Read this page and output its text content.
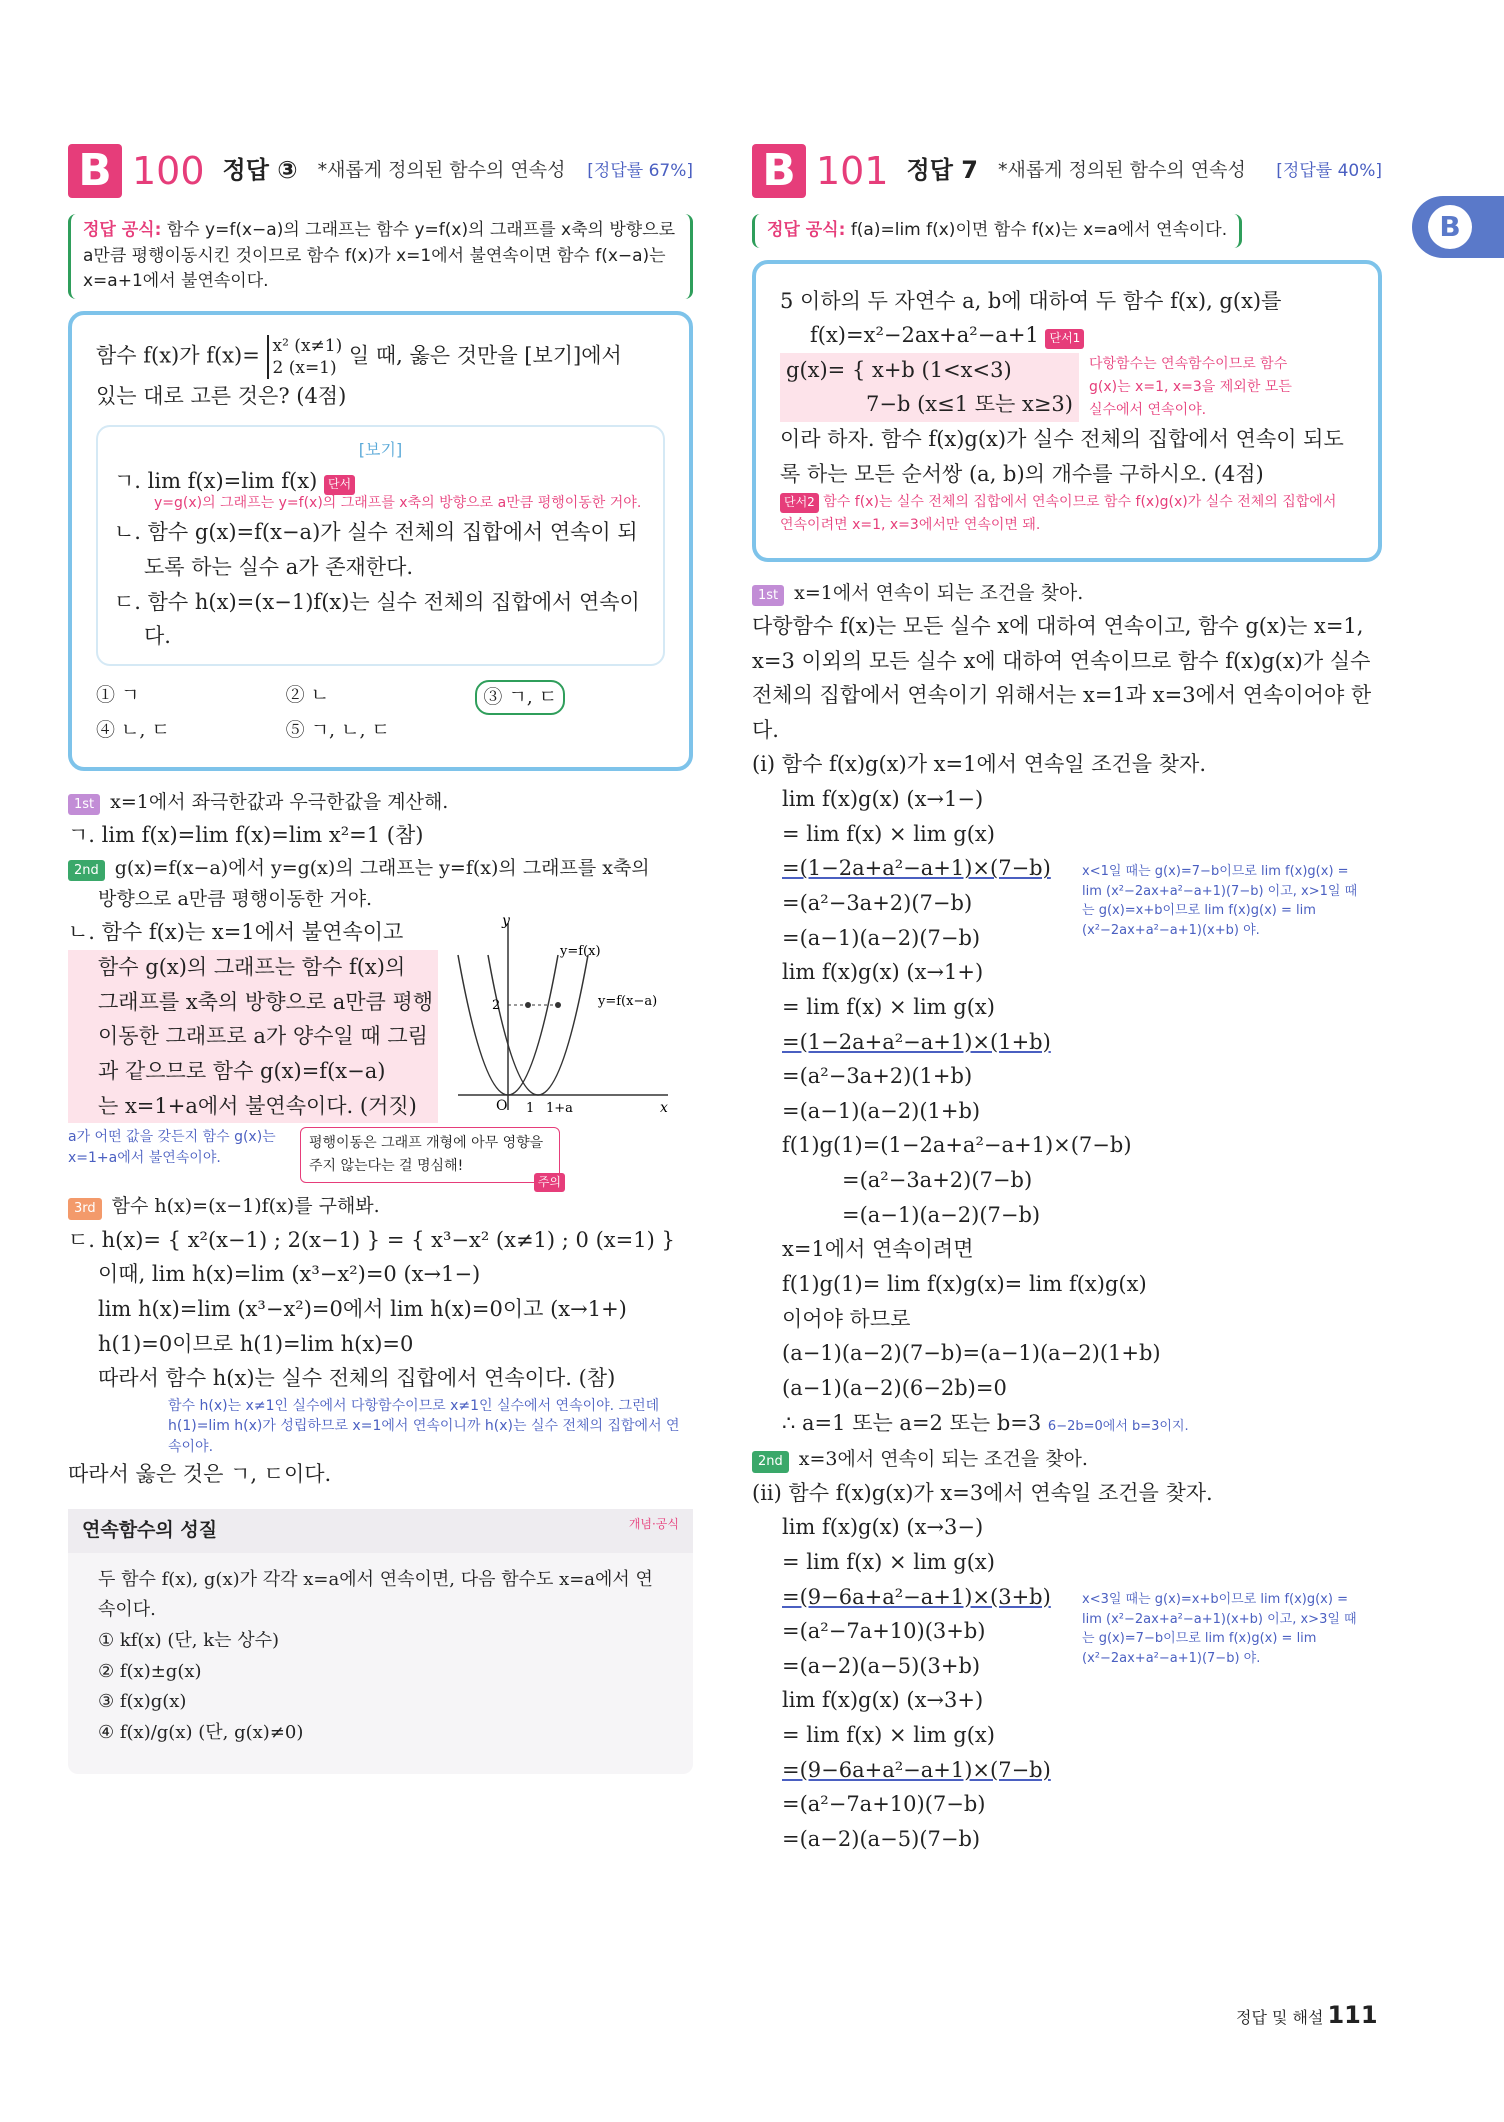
B
B 100 정답 ③ *새롭게 정의된 함수의 연속성 [정답률 67%]
정답 공식: 함수 y=f(x−a)의 그래프는 함수 y=f(x)의 그래프를 x축의 방향으로 a만큼 평행이동시킨 것이므로 함수 f(x)가 x=1에서 불연속이면 함수 f(x−a)는 x=a+1에서 불연속이다.
함수 f(x)가 f(x)= x² (x≠1)
2 (x=1) 일 때, 옳은 것만을 [보기]에서
있는 대로 고른 것은? (4점)
[보기]
ㄱ. lim f(x)=lim f(x) 단서
y=g(x)의 그래프는 y=f(x)의 그래프를 x축의 방향으로 a만큼 평행이동한 거야.
ㄴ. 함수 g(x)=f(x−a)가 실수 전체의 집합에서 연속이 되
도록 하는 실수 a가 존재한다.
ㄷ. 함수 h(x)=(x−1)f(x)는 실수 전체의 집합에서 연속이
다.
① ㄱ	② ㄴ	③ ㄱ, ㄷ
④ ㄴ, ㄷ	⑤ ㄱ, ㄴ, ㄷ
1st x=1에서 좌극한값과 우극한값을 계산해.
ㄱ. lim f(x)=lim f(x)=lim x²=1 (참)
2nd g(x)=f(x−a)에서 y=g(x)의 그래프는 y=f(x)의 그래프를 x축의
방향으로 a만큼 평행이동한 거야.
ㄴ. 함수 f(x)는 x=1에서 불연속이고
함수 g(x)의 그래프는 함수 f(x)의
그래프를 x축의 방향으로 a만큼 평행
이동한 그래프로 a가 양수일 때 그림
과 같으므로 함수 g(x)=f(x−a)
는 x=1+a에서 불연속이다. (거짓)	O 1 1+a
2
x
y
y=f(x)
y=f(x−a)
a가 어떤 값을 갖든지 함수 g(x)는 x=1+a에서 불연속이야.
평행이동은 그래프 개형에 아무 영향을 주지 않는다는 걸 명심해!
주의
3rd 함수 h(x)=(x−1)f(x)를 구해봐.
ㄷ. h(x)= { x²(x−1) ; 2(x−1) } = { x³−x² (x≠1) ; 0 (x=1) }
이때, lim h(x)=lim (x³−x²)=0 (x→1−)
lim h(x)=lim (x³−x²)=0에서 lim h(x)=0이고 (x→1+)
h(1)=0이므로 h(1)=lim h(x)=0
따라서 함수 h(x)는 실수 전체의 집합에서 연속이다. (참)
함수 h(x)는 x≠1인 실수에서 다항함수이므로 x≠1인 실수에서 연속이야. 그런데 h(1)=lim h(x)가 성립하므로 x=1에서 연속이니까 h(x)는 실수 전체의 집합에서 연속이야.
따라서 옳은 것은 ㄱ, ㄷ이다.
연속함수의 성질	개념·공식
두 함수 f(x), g(x)가 각각 x=a에서 연속이면, 다음 함수도 x=a에서 연속이다.
① kf(x) (단, k는 상수)
② f(x)±g(x)
③ f(x)g(x)
④ f(x)/g(x) (단, g(x)≠0)
B 101 정답 7 *새롭게 정의된 함수의 연속성 [정답률 40%]
정답 공식: f(a)=lim f(x)이면 함수 f(x)는 x=a에서 연속이다.
5 이하의 두 자연수 a, b에 대하여 두 함수 f(x), g(x)를
f(x)=x²−2ax+a²−a+1 단서1
g(x)= { x+b (1<x<3)
7−b (x≤1 또는 x≥3)
다항함수는 연속함수이므로 함수 g(x)는 x=1, x=3을 제외한 모든 실수에서 연속이야.
이라 하자. 함수 f(x)g(x)가 실수 전체의 집합에서 연속이 되도
록 하는 모든 순서쌍 (a, b)의 개수를 구하시오. (4점)
단서2 함수 f(x)는 실수 전체의 집합에서 연속이므로 함수 f(x)g(x)가 실수 전체의 집합에서 연속이려면 x=1, x=3에서만 연속이면 돼.
1st x=1에서 연속이 되는 조건을 찾아.
다항함수 f(x)는 모든 실수 x에 대하여 연속이고, 함수 g(x)는 x=1,
x=3 이외의 모든 실수 x에 대하여 연속이므로 함수 f(x)g(x)가 실수
전체의 집합에서 연속이기 위해서는 x=1과 x=3에서 연속이어야 한다.
(i) 함수 f(x)g(x)가 x=1에서 연속일 조건을 찾자.
lim f(x)g(x) (x→1−)
= lim f(x) × lim g(x)
=(1−2a+a²−a+1)×(7−b)
=(a²−3a+2)(7−b)
=(a−1)(a−2)(7−b)
lim f(x)g(x) (x→1+)
= lim f(x) × lim g(x)
=(1−2a+a²−a+1)×(1+b)
=(a²−3a+2)(1+b)
=(a−1)(a−2)(1+b)
x<1일 때는 g(x)=7−b이므로 lim f(x)g(x) = lim (x²−2ax+a²−a+1)(7−b) 이고, x>1일 때는 g(x)=x+b이므로 lim f(x)g(x) = lim (x²−2ax+a²−a+1)(x+b) 야.
f(1)g(1)=(1−2a+a²−a+1)×(7−b)
=(a²−3a+2)(7−b)
=(a−1)(a−2)(7−b)
x=1에서 연속이려면
f(1)g(1)= lim f(x)g(x)= lim f(x)g(x)
이어야 하므로
(a−1)(a−2)(7−b)=(a−1)(a−2)(1+b)
(a−1)(a−2)(6−2b)=0
∴ a=1 또는 a=2 또는 b=3 6−2b=0에서 b=3이지.
2nd x=3에서 연속이 되는 조건을 찾아.
(ii) 함수 f(x)g(x)가 x=3에서 연속일 조건을 찾자.
lim f(x)g(x) (x→3−)
= lim f(x) × lim g(x)
=(9−6a+a²−a+1)×(3+b)
=(a²−7a+10)(3+b)
=(a−2)(a−5)(3+b)
lim f(x)g(x) (x→3+)
= lim f(x) × lim g(x)
=(9−6a+a²−a+1)×(7−b)
=(a²−7a+10)(7−b)
=(a−2)(a−5)(7−b)
x<3일 때는 g(x)=x+b이므로 lim f(x)g(x) = lim (x²−2ax+a²−a+1)(x+b) 이고, x>3일 때는 g(x)=7−b이므로 lim f(x)g(x) = lim (x²−2ax+a²−a+1)(7−b) 야.
정답 및 해설 111
